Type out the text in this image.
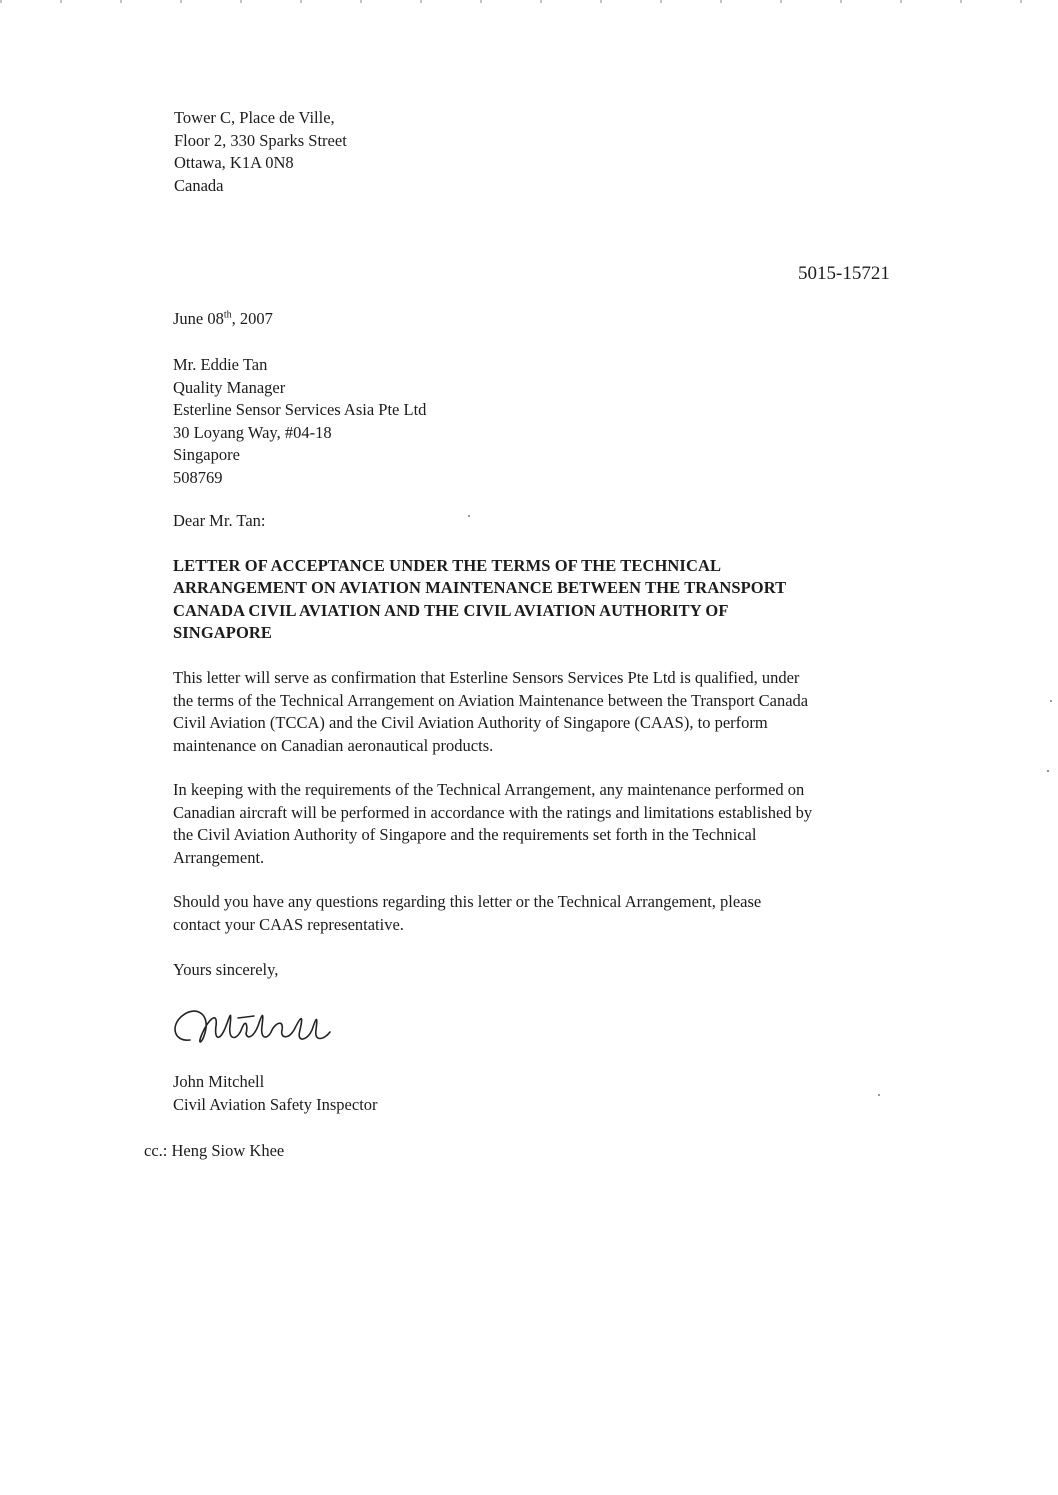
Tower C, Place de Ville,
Floor 2, 330 Sparks Street
Ottawa, K1A 0N8
Canada
5015-15721
June 08th, 2007
Mr. Eddie Tan
Quality Manager
Esterline Sensor Services Asia Pte Ltd
30 Loyang Way, #04-18
Singapore
508769
Dear Mr. Tan:
LETTER OF ACCEPTANCE UNDER THE TERMS OF THE TECHNICAL
ARRANGEMENT ON AVIATION MAINTENANCE BETWEEN THE TRANSPORT
CANADA CIVIL AVIATION AND THE CIVIL AVIATION AUTHORITY OF
SINGAPORE
This letter will serve as confirmation that Esterline Sensors Services Pte Ltd is qualified, under
the terms of the Technical Arrangement on Aviation Maintenance between the Transport Canada
Civil Aviation (TCCA) and the Civil Aviation Authority of Singapore (CAAS), to perform
maintenance on Canadian aeronautical products.
In keeping with the requirements of the Technical Arrangement, any maintenance performed on
Canadian aircraft will be performed in accordance with the ratings and limitations established by
the Civil Aviation Authority of Singapore and the requirements set forth in the Technical
Arrangement.
Should you have any questions regarding this letter or the Technical Arrangement, please
contact your CAAS representative.
Yours sincerely,
John Mitchell
Civil Aviation Safety Inspector
cc.: Heng Siow Khee
